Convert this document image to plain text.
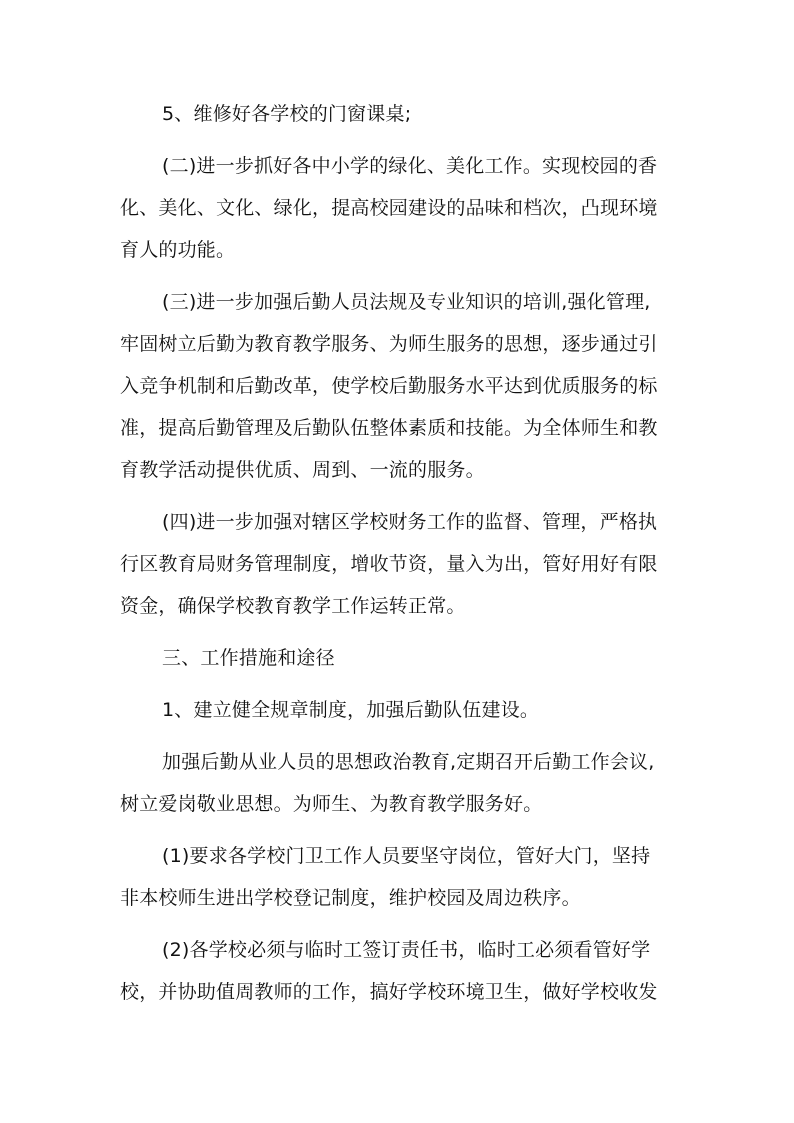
5、维修好各学校的门窗课桌;
(二)进一步抓好各中小学的绿化、美化工作。实现校园的香
化、美化、文化、绿化，提高校园建设的品味和档次，凸现环境
育人的功能。
(三)进一步加强后勤人员法规及专业知识的培训,强化管理,
牢固树立后勤为教育教学服务、为师生服务的思想，逐步通过引
入竞争机制和后勤改革，使学校后勤服务水平达到优质服务的标
准，提高后勤管理及后勤队伍整体素质和技能。为全体师生和教
育教学活动提供优质、周到、一流的服务。
(四)进一步加强对辖区学校财务工作的监督、管理，严格执
行区教育局财务管理制度，增收节资，量入为出，管好用好有限
资金，确保学校教育教学工作运转正常。
三、工作措施和途径
1、建立健全规章制度，加强后勤队伍建设。
加强后勤从业人员的思想政治教育,定期召开后勤工作会议,
树立爱岗敬业思想。为师生、为教育教学服务好。
(1)要求各学校门卫工作人员要坚守岗位，管好大门，坚持
非本校师生进出学校登记制度，维护校园及周边秩序。
(2)各学校必须与临时工签订责任书，临时工必须看管好学
校，并协助值周教师的工作，搞好学校环境卫生，做好学校收发
